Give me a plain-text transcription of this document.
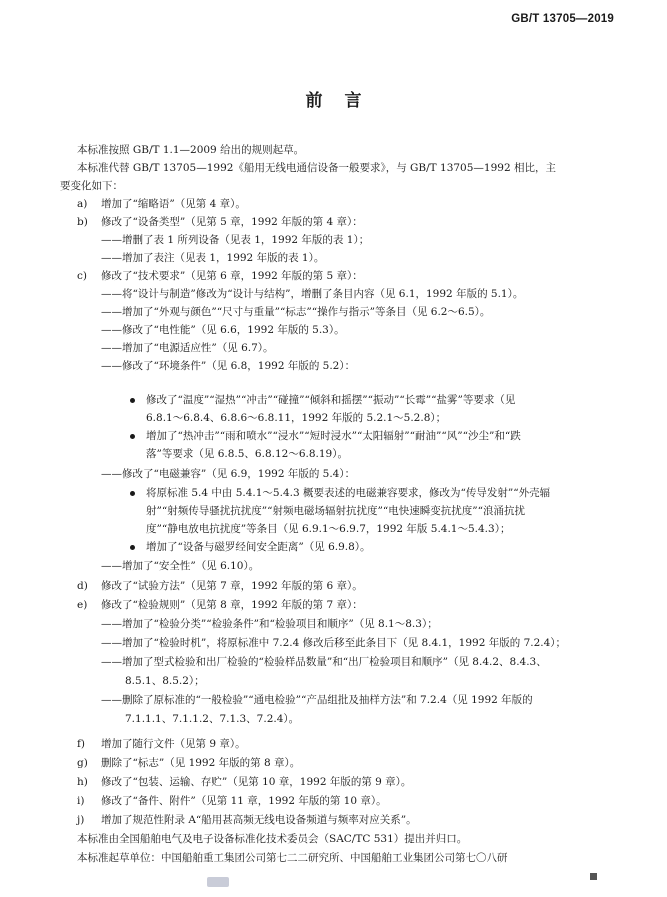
GB/T 13705—2019
前言
本标准按照 GB/T 1.1—2009 给出的规则起草。
本标准代替 GB/T 13705—1992《船用无线电通信设备一般要求》，与 GB/T 13705—1992 相比，主
要变化如下：
a) 增加了“缩略语”（见第 4 章）。
b) 修改了“设备类型”（见第 5 章，1992 年版的第 4 章）：
——增删了表 1 所列设备（见表 1，1992 年版的表 1）；
——增加了表注（见表 1，1992 年版的表 1）。
c) 修改了“技术要求”（见第 6 章，1992 年版的第 5 章）：
——将“设计与制造”修改为“设计与结构”，增删了条目内容（见 6.1，1992 年版的 5.1）。
——增加了“外观与颜色”“尺寸与重量”“标志”“操作与指示”等条目（见 6.2～6.5）。
——修改了“电性能”（见 6.6，1992 年版的 5.3）。
——增加了“电源适应性”（见 6.7）。
——修改了“环境条件”（见 6.8，1992 年版的 5.2）：
修改了“温度”“湿热”“冲击”“碰撞”“倾斜和摇摆”“振动”“长霉”“盐雾”等要求（见
6.8.1～6.8.4、6.8.6～6.8.11，1992 年版的 5.2.1～5.2.8）；
增加了“热冲击”“雨和喷水”“浸水”“短时浸水”“太阳辐射”“耐油”“风”“沙尘”和“跌
落”等要求（见 6.8.5、6.8.12～6.8.19）。
——修改了“电磁兼容”（见 6.9，1992 年版的 5.4）：
将原标准 5.4 中由 5.4.1～5.4.3 概要表述的电磁兼容要求，修改为“传导发射”“外壳辐
射”“射频传导骚扰抗扰度”“射频电磁场辐射抗扰度”“电快速瞬变抗扰度”“浪涌抗扰
度”“静电放电抗扰度”等条目（见 6.9.1～6.9.7，1992 年版 5.4.1～5.4.3）；
增加了“设备与磁罗经间安全距离”（见 6.9.8）。
——增加了“安全性”（见 6.10）。
d) 修改了“试验方法”（见第 7 章，1992 年版的第 6 章）。
e) 修改了“检验规则”（见第 8 章，1992 年版的第 7 章）：
——增加了“检验分类”“检验条件”和“检验项目和顺序”（见 8.1～8.3）；
——增加了“检验时机”，将原标准中 7.2.4 修改后移至此条目下（见 8.4.1，1992 年版的 7.2.4）；
——增加了型式检验和出厂检验的“检验样品数量”和“出厂检验项目和顺序”（见 8.4.2、8.4.3、
8.5.1、8.5.2）；
——删除了原标准的“一般检验”“通电检验”“产品组批及抽样方法”和 7.2.4（见 1992 年版的
7.1.1.1、7.1.1.2、7.1.3、7.2.4）。
f) 增加了随行文件（见第 9 章）。
g) 删除了“标志”（见 1992 年版的第 8 章）。
h) 修改了“包装、运输、存贮”（见第 10 章，1992 年版的第 9 章）。
i) 修改了“备件、附件”（见第 11 章，1992 年版的第 10 章）。
j) 增加了规范性附录 A“船用甚高频无线电设备频道与频率对应关系”。
本标准由全国船舶电气及电子设备标准化技术委员会（SAC/TC 531）提出并归口。
本标准起草单位：中国船舶重工集团公司第七二二研究所、中国船舶工业集团公司第七〇八研
